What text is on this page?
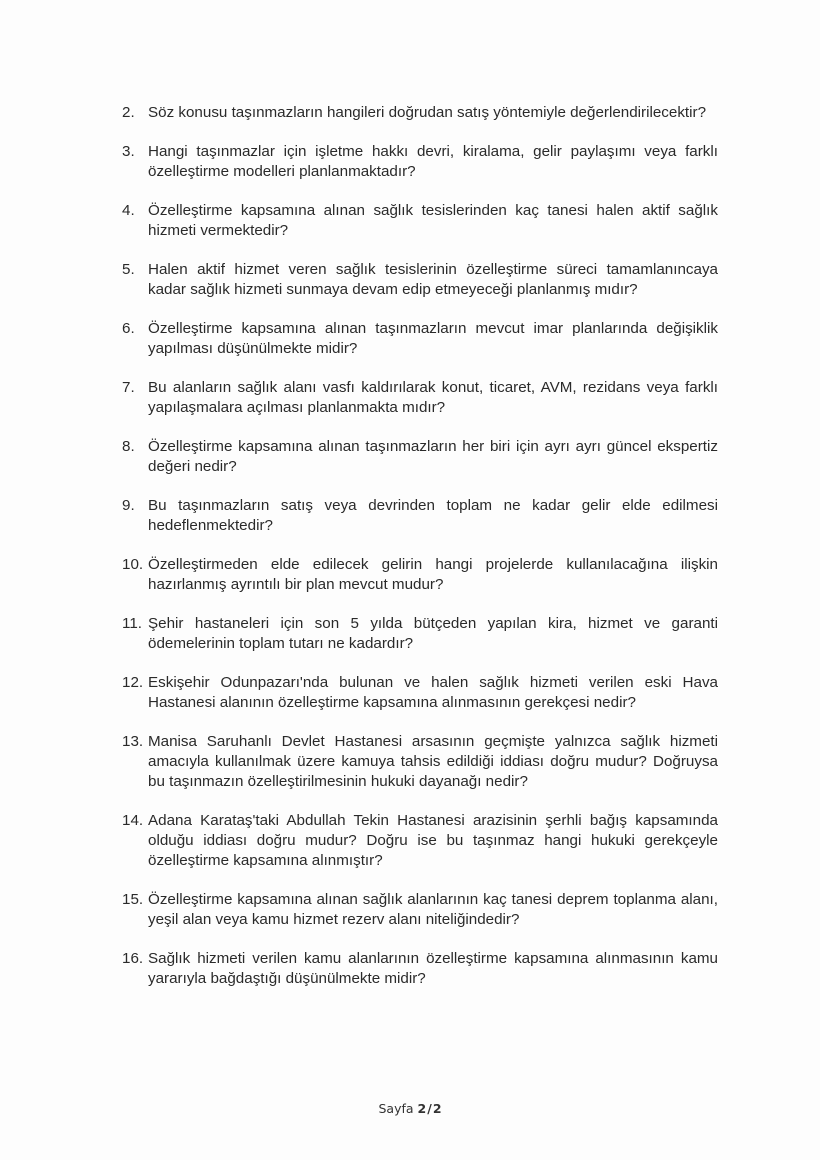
2. Söz konusu taşınmazların hangileri doğrudan satış yöntemiyle değerlendirilecektir?
3. Hangi taşınmazlar için işletme hakkı devri, kiralama, gelir paylaşımı veya farklı özelleştirme modelleri planlanmaktadır?
4. Özelleştirme kapsamına alınan sağlık tesislerinden kaç tanesi halen aktif sağlık hizmeti vermektedir?
5. Halen aktif hizmet veren sağlık tesislerinin özelleştirme süreci tamamlanıncaya kadar sağlık hizmeti sunmaya devam edip etmeyeceği planlanmış mıdır?
6. Özelleştirme kapsamına alınan taşınmazların mevcut imar planlarında değişiklik yapılması düşünülmekte midir?
7. Bu alanların sağlık alanı vasfı kaldırılarak konut, ticaret, AVM, rezidans veya farklı yapılaşmalara açılması planlanmakta mıdır?
8. Özelleştirme kapsamına alınan taşınmazların her biri için ayrı ayrı güncel ekspertiz değeri nedir?
9. Bu taşınmazların satış veya devrinden toplam ne kadar gelir elde edilmesi hedeflenmektedir?
10. Özelleştirmeden elde edilecek gelirin hangi projelerde kullanılacağına ilişkin hazırlanmış ayrıntılı bir plan mevcut mudur?
11. Şehir hastaneleri için son 5 yılda bütçeden yapılan kira, hizmet ve garanti ödemelerinin toplam tutarı ne kadardır?
12. Eskişehir Odunpazarı'nda bulunan ve halen sağlık hizmeti verilen eski Hava Hastanesi alanının özelleştirme kapsamına alınmasının gerekçesi nedir?
13. Manisa Saruhanlı Devlet Hastanesi arsasının geçmişte yalnızca sağlık hizmeti amacıyla kullanılmak üzere kamuya tahsis edildiği iddiası doğru mudur? Doğruysa bu taşınmazın özelleştirilmesinin hukuki dayanağı nedir?
14. Adana Karataş'taki Abdullah Tekin Hastanesi arazisinin şerhli bağış kapsamında olduğu iddiası doğru mudur? Doğru ise bu taşınmaz hangi hukuki gerekçeyle özelleştirme kapsamına alınmıştır?
15. Özelleştirme kapsamına alınan sağlık alanlarının kaç tanesi deprem toplanma alanı, yeşil alan veya kamu hizmet rezerv alanı niteliğindedir?
16. Sağlık hizmeti verilen kamu alanlarının özelleştirme kapsamına alınmasının kamu yararıyla bağdaştığı düşünülmekte midir?
Sayfa 2/2
